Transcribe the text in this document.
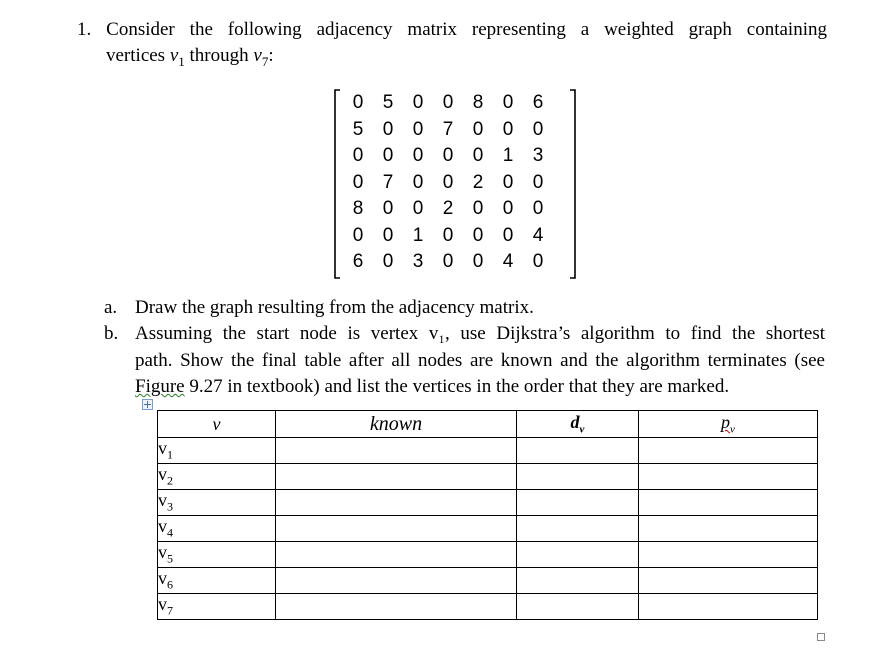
1. Consider the following adjacency matrix representing a weighted graph containing
vertices $v_1$ through $v_7$:
0	5	0	0	8	0	6
5	0	0	7	0	0	0
0	0	0	0	0	1	3
0	7	0	0	2	0	0
8	0	0	2	0	0	0
0	0	1	0	0	0	4
6	0	3	0	0	4	0
a. Draw the graph resulting from the adjacency matrix.
b. Assuming the start node is vertex v₁, use Dijkstra’s algorithm to find the shortest
path. Show the final table after all nodes are known and the algorithm terminates (see
Figure 9.27 in textbook) and list the vertices in the order that they are marked.
v	known	$d_v$	$p_v$
$v_1$			
$v_2$			
$v_3$			
$v_4$			
$v_5$			
$v_6$			
$v_7$			
